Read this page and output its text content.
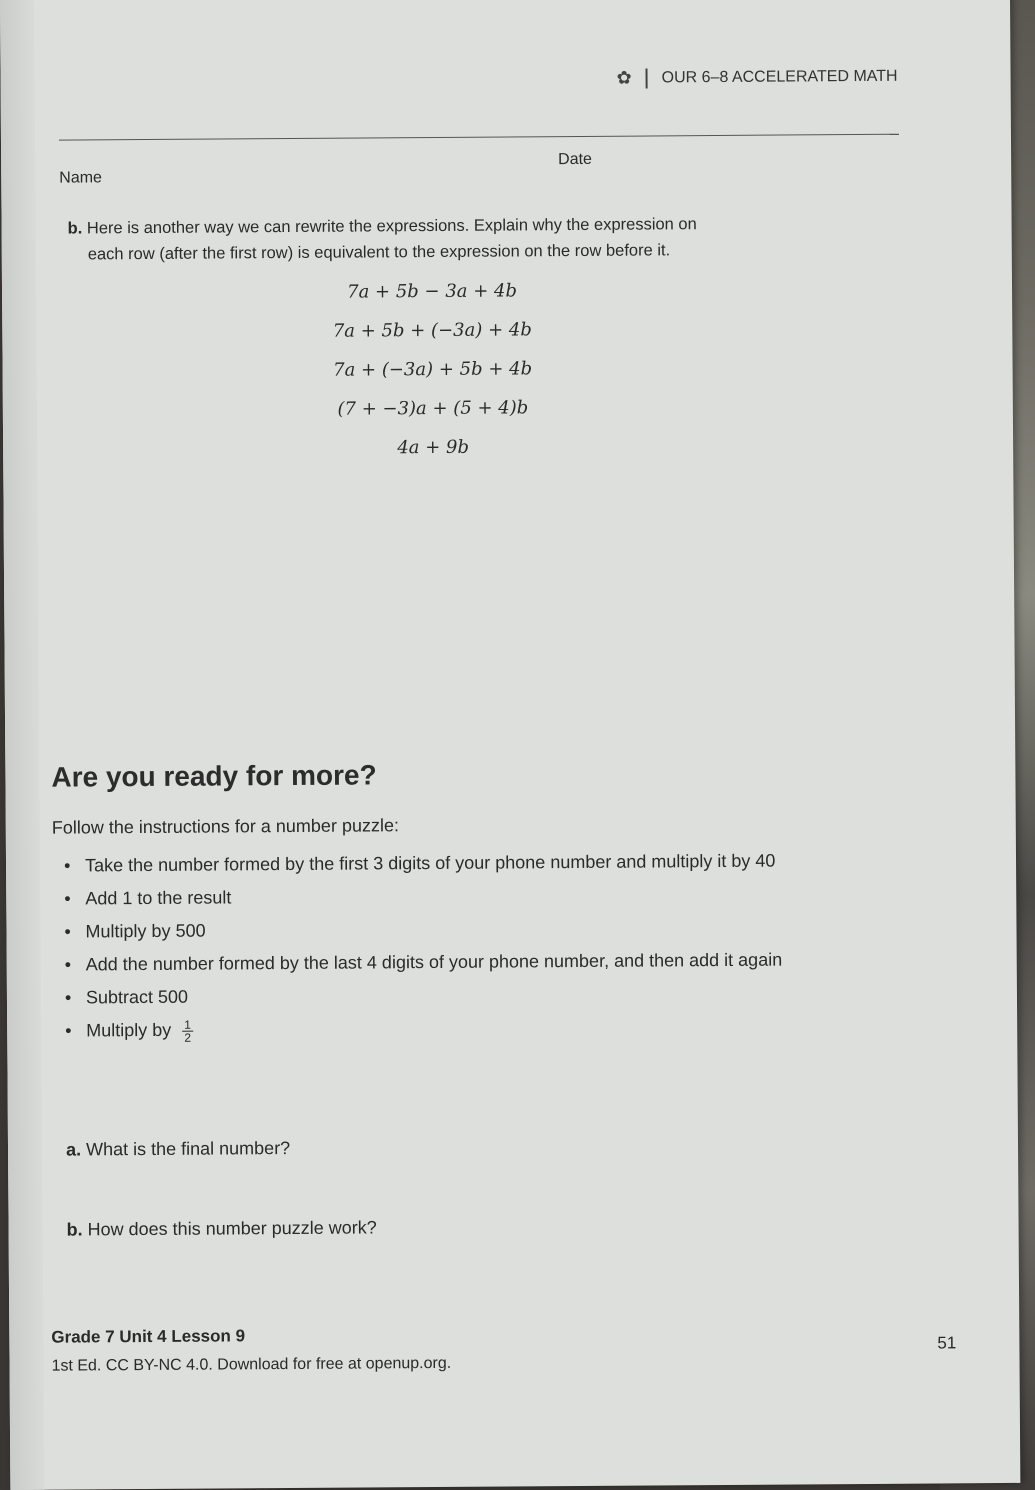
✿ OUR 6–8 ACCELERATED MATH
Name
Date
b. Here is another way we can rewrite the expressions. Explain why the expression on
each row (after the first row) is equivalent to the expression on the row before it.
7a + 5b − 3a + 4b
7a + 5b + (−3a) + 4b
7a + (−3a) + 5b + 4b
(7 + −3)a + (5 + 4)b
4a + 9b
Are you ready for more?
Follow the instructions for a number puzzle:
• Take the number formed by the first 3 digits of your phone number and multiply it by 40
• Add 1 to the result
• Multiply by 500
• Add the number formed by the last 4 digits of your phone number, and then add it again
• Subtract 500
• Multiply by $\frac{1}{2}$
a. What is the final number?
b. How does this number puzzle work?
Grade 7 Unit 4 Lesson 9
1st Ed. CC BY-NC 4.0. Download for free at openup.org.
51
